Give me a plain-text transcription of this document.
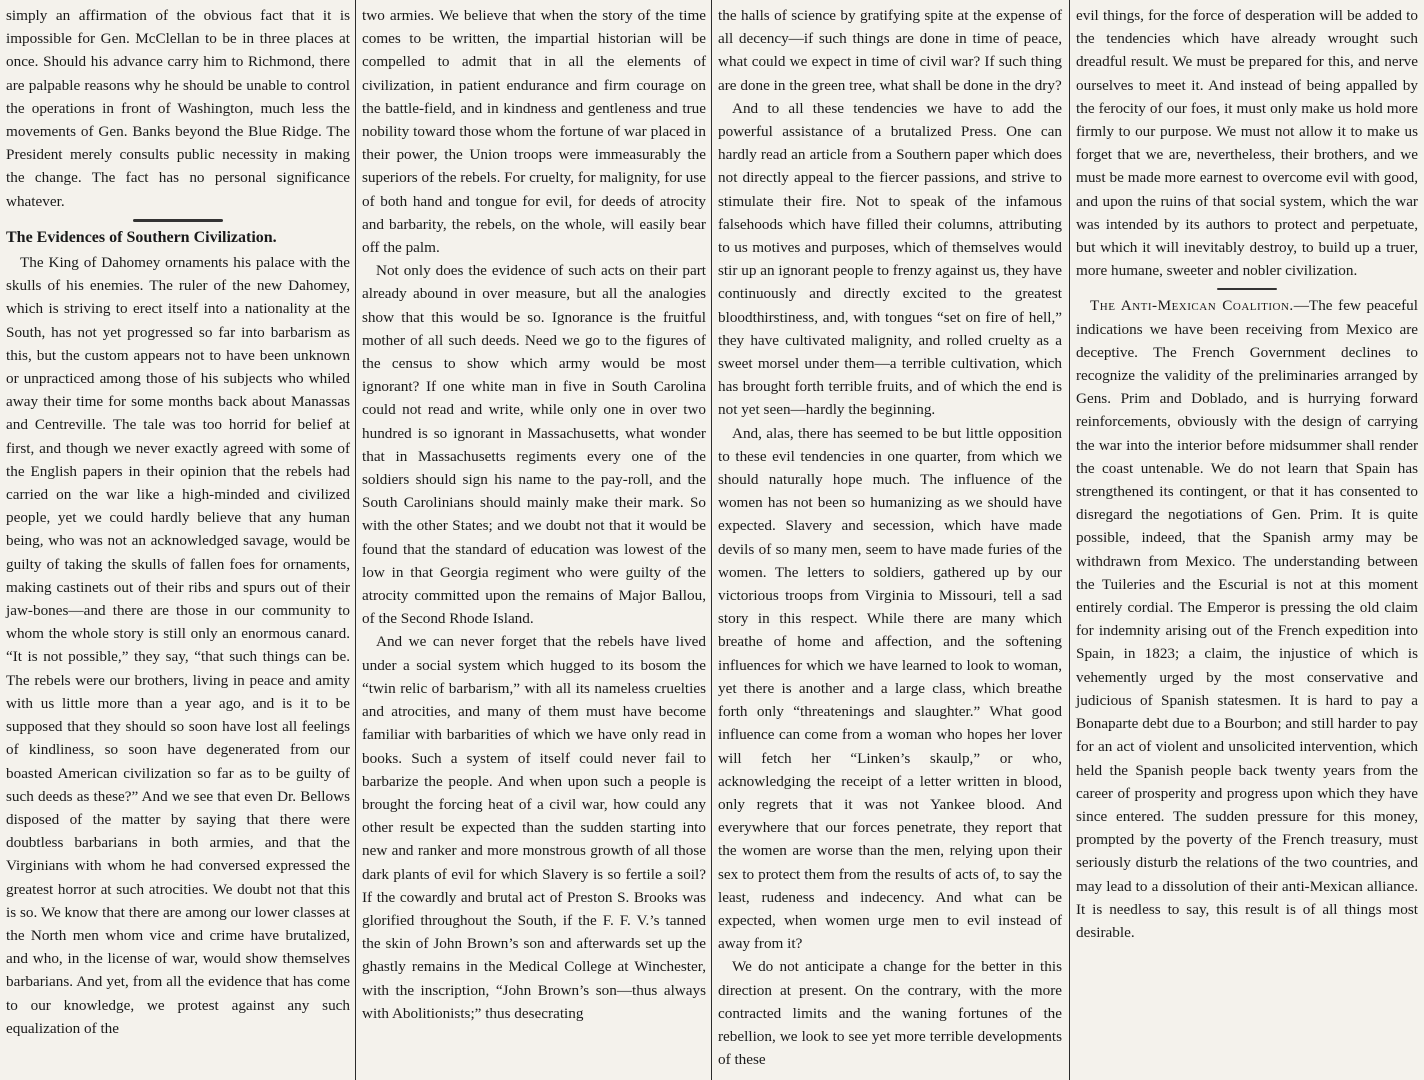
simply an affirmation of the obvious fact that it is impossible for Gen. McClellan to be in three places at once. Should his advance carry him to Richmond, there are palpable reasons why he should be unable to control the operations in front of Washington, much less the movements of Gen. Banks beyond the Blue Ridge. The President merely consults public necessity in making the change. The fact has no personal significance whatever.

The Evidences of Southern Civilization.

The King of Dahomey ornaments his palace with the skulls of his enemies. The ruler of the new Dahomey, which is striving to erect itself into a nationality at the South, has not yet progressed so far into barbarism as this, but the custom appears not to have been unknown or unpracticed among those of his subjects who whiled away their time for some months back about Manassas and Centreville. The tale was too horrid for belief at first, and though we never exactly agreed with some of the English papers in their opinion that the rebels had carried on the war like a high-minded and civilized people, yet we could hardly believe that any human being, who was not an acknowledged savage, would be guilty of taking the skulls of fallen foes for ornaments, making castinets out of their ribs and spurs out of their jaw-bones—and there are those in our community to whom the whole story is still only an enormous canard. “It is not possible,” they say, “that such things can be. The rebels were our brothers, living in peace and amity with us little more than a year ago, and is it to be supposed that they should so soon have lost all feelings of kindliness, so soon have degenerated from our boasted American civilization so far as to be guilty of such deeds as these?” And we see that even Dr. Bellows disposed of the matter by saying that there were doubtless barbarians in both armies, and that the Virginians with whom he had conversed expressed the greatest horror at such atrocities. We doubt not that this is so. We know that there are among our lower classes at the North men whom vice and crime have brutalized, and who, in the license of war, would show themselves barbarians. And yet, from all the evidence that has come to our knowledge, we protest against any such equalization of the

two armies. We believe that when the story of the time comes to be written, the impartial historian will be compelled to admit that in all the elements of civilization, in patient endurance and firm courage on the battle-field, and in kindness and gentleness and true nobility toward those whom the fortune of war placed in their power, the Union troops were immeasurably the superiors of the rebels. For cruelty, for malignity, for use of both hand and tongue for evil, for deeds of atrocity and barbarity, the rebels, on the whole, will easily bear off the palm.

Not only does the evidence of such acts on their part already abound in over measure, but all the analogies show that this would be so. Ignorance is the fruitful mother of all such deeds. Need we go to the figures of the census to show which army would be most ignorant? If one white man in five in South Carolina could not read and write, while only one in over two hundred is so ignorant in Massachusetts, what wonder that in Massachusetts regiments every one of the soldiers should sign his name to the pay-roll, and the South Carolinians should mainly make their mark. So with the other States; and we doubt not that it would be found that the standard of education was lowest of the low in that Georgia regiment who were guilty of the atrocity committed upon the remains of Major Ballou, of the Second Rhode Island.

And we can never forget that the rebels have lived under a social system which hugged to its bosom the “twin relic of barbarism,” with all its nameless cruelties and atrocities, and many of them must have become familiar with barbarities of which we have only read in books. Such a system of itself could never fail to barbarize the people. And when upon such a people is brought the forcing heat of a civil war, how could any other result be expected than the sudden starting into new and ranker and more monstrous growth of all those dark plants of evil for which Slavery is so fertile a soil? If the cowardly and brutal act of Preston S. Brooks was glorified throughout the South, if the F. F. V.’s tanned the skin of John Brown’s son and afterwards set up the ghastly remains in the Medical College at Winchester, with the inscription, “John Brown’s son—thus always with Abolitionists;” thus desecrating

the halls of science by gratifying spite at the expense of all decency—if such things are done in time of peace, what could we expect in time of civil war? If such thing are done in the green tree, what shall be done in the dry?

And to all these tendencies we have to add the powerful assistance of a brutalized Press. One can hardly read an article from a Southern paper which does not directly appeal to the fiercer passions, and strive to stimulate their fire. Not to speak of the infamous falsehoods which have filled their columns, attributing to us motives and purposes, which of themselves would stir up an ignorant people to frenzy against us, they have continuously and directly excited to the greatest bloodthirstiness, and, with tongues “set on fire of hell,” they have cultivated malignity, and rolled cruelty as a sweet morsel under them—a terrible cultivation, which has brought forth terrible fruits, and of which the end is not yet seen—hardly the beginning.

And, alas, there has seemed to be but little opposition to these evil tendencies in one quarter, from which we should naturally hope much. The influence of the women has not been so humanizing as we should have expected. Slavery and secession, which have made devils of so many men, seem to have made furies of the women. The letters to soldiers, gathered up by our victorious troops from Virginia to Missouri, tell a sad story in this respect. While there are many which breathe of home and affection, and the softening influences for which we have learned to look to woman, yet there is another and a large class, which breathe forth only “threatenings and slaughter.” What good influence can come from a woman who hopes her lover will fetch her “Linken’s skaulp,” or who, acknowledging the receipt of a letter written in blood, only regrets that it was not Yankee blood. And everywhere that our forces penetrate, they report that the women are worse than the men, relying upon their sex to protect them from the results of acts of, to say the least, rudeness and indecency. And what can be expected, when women urge men to evil instead of away from it?

We do not anticipate a change for the better in this direction at present. On the contrary, with the more contracted limits and the waning fortunes of the rebellion, we look to see yet more terrible developments of these

evil things, for the force of desperation will be added to the tendencies which have already wrought such dreadful result. We must be prepared for this, and nerve ourselves to meet it. And instead of being appalled by the ferocity of our foes, it must only make us hold more firmly to our purpose. We must not allow it to make us forget that we are, nevertheless, their brothers, and we must be made more earnest to overcome evil with good, and upon the ruins of that social system, which the war was intended by its authors to protect and perpetuate, but which it will inevitably destroy, to build up a truer, more humane, sweeter and nobler civilization.

The Anti-Mexican Coalition.—The few peaceful indications we have been receiving from Mexico are deceptive. The French Government declines to recognize the validity of the preliminaries arranged by Gens. Prim and Doblado, and is hurrying forward reinforcements, obviously with the design of carrying the war into the interior before midsummer shall render the coast untenable. We do not learn that Spain has strengthened its contingent, or that it has consented to disregard the negotiations of Gen. Prim. It is quite possible, indeed, that the Spanish army may be withdrawn from Mexico. The understanding between the Tuileries and the Escurial is not at this moment entirely cordial. The Emperor is pressing the old claim for indemnity arising out of the French expedition into Spain, in 1823; a claim, the injustice of which is vehemently urged by the most conservative and judicious of Spanish statesmen. It is hard to pay a Bonaparte debt due to a Bourbon; and still harder to pay for an act of violent and unsolicited intervention, which held the Spanish people back twenty years from the career of prosperity and progress upon which they have since entered. The sudden pressure for this money, prompted by the poverty of the French treasury, must seriously disturb the relations of the two countries, and may lead to a dissolution of their anti-Mexican alliance. It is needless to say, this result is of all things most desirable.
